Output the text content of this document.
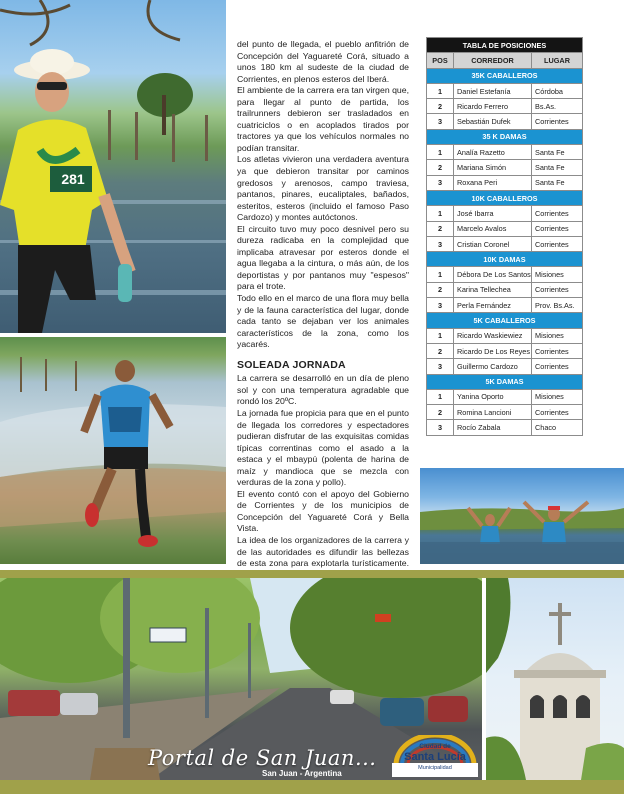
281

del punto de llegada, el pueblo anfitrión de Concepción del Yaguareté Corá, situado a unos 180 km al sudeste de la ciudad de Corrientes, en plenos esteros del Iberá.

El ambiente de la carrera era tan virgen que, para llegar al punto de partida, los trailrunners debieron ser trasladados en cuatriciclos o en acoplados tirados por tractores ya que los vehículos normales no podían transitar.

Los atletas vivieron una verdadera aventura ya que debieron transitar por caminos gredosos y arenosos, campo traviesa, pantanos, pinares, eucaliptales, bañados, esteritos, esteros (incluido el famoso Paso Cardozo) y montes autóctonos.

El circuito tuvo muy poco desnivel pero su dureza radicaba en la complejidad que implicaba atravesar por esteros donde el agua llegaba a la cintura, o más aún, de los deportistas y por pantanos muy "espesos" para el trote.

Todo ello en el marco de una flora muy bella y de la fauna característica del lugar, donde cada tanto se dejaban ver los animales característicos de la zona, como los yacarés.

SOLEADA JORNADA

La carrera se desarrolló en un día de pleno sol y con una temperatura agradable que rondó los 20ºC.

La jornada fue propicia para que en el punto de llegada los corredores y espectadores pudieran disfrutar de las exquisitas comidas típicas correntinas como el asado a la estaca y el mbaypú (polenta de harina de maíz y mandioca que se mezcla con verduras de la zona y pollo).

El evento contó con el apoyo del Gobierno de Corrientes y de los municipios de Concepción del Yaguareté Corá y Bella Vista.

La idea de los organizadores de la carrera y de las autoridades es difundir las bellezas de esta zona para explotarla turísticamente.

TABLA DE POSICIONES		
POS	CORREDOR	LUGAR
35K CABALLEROS		
1	Daniel Estefanía	Córdoba
2	Ricardo Ferrero	Bs.As.
3	Sebastián Dufek	Corrientes
35 K DAMAS		
1	Analía Razetto	Santa Fe
2	Mariana Simón	Santa Fe
3	Roxana Peri	Santa Fe
10K CABALLEROS		
1	José Ibarra	Corrientes
2	Marcelo Avalos	Corrientes
3	Cristian Coronel	Corrientes
10K DAMAS		
1	Débora De Los Santos	Misiones
2	Karina Tellechea	Corrientes
3	Perla Fernández	Prov. Bs.As.
5K CABALLEROS		
1	Ricardo Waskiewiez	Misiones
2	Ricardo De Los Reyes	Corrientes
3	Guillermo Cardozo	Corrientes
5K DAMAS		
1	Yanina Oporto	Misiones
2	Romina Lancioni	Corrientes
3	Rocío Zabala	Chaco
Portal de San Juan...
San Juan - Argentina
Ciudad de
Santa Lucía
Municipalidad
